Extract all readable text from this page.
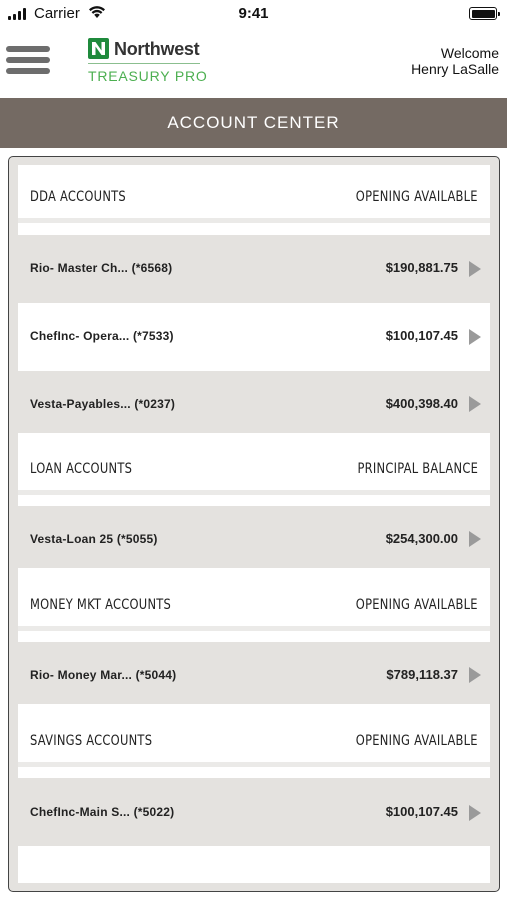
Carrier	9:41
Northwest
TREASURY PRO
Welcome
Henry LaSalle
ACCOUNT CENTER
DDA ACCOUNTS	OPENING AVAILABLE
Rio- Master Ch... (*6568)	$190,881.75
ChefInc- Opera... (*7533)	$100,107.45
Vesta-Payables... (*0237)	$400,398.40
LOAN ACCOUNTS	PRINCIPAL BALANCE
Vesta-Loan 25 (*5055)	$254,300.00
MONEY MKT ACCOUNTS	OPENING AVAILABLE
Rio- Money Mar... (*5044)	$789,118.37
SAVINGS ACCOUNTS	OPENING AVAILABLE
ChefInc-Main S... (*5022)	$100,107.45
